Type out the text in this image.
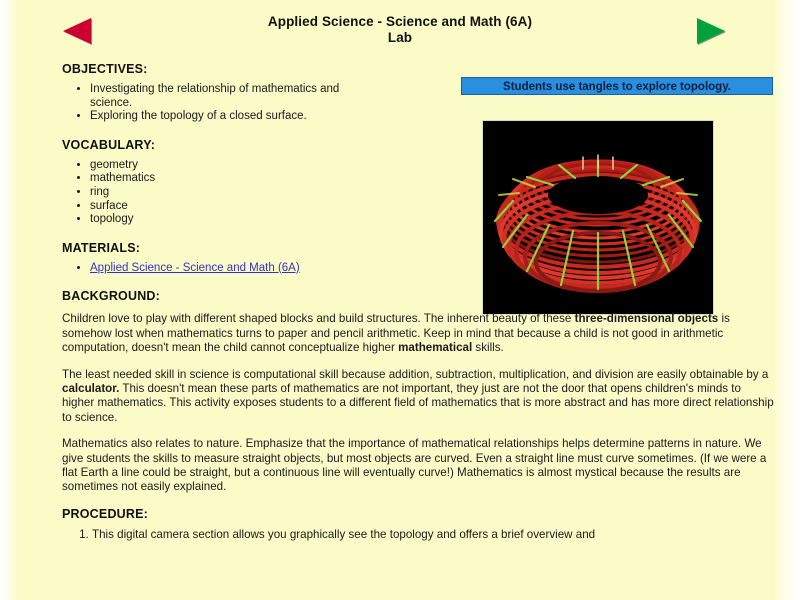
Applied Science - Science and Math (6A)
Lab
Students use tangles to explore topology.
OBJECTIVES:
• Investigating the relationship of mathematics and science.
• Exploring the topology of a closed surface.
VOCABULARY:
• geometry
• mathematics
• ring
• surface
• topology
MATERIALS:
• Applied Science - Science and Math (6A)
BACKGROUND:

Children love to play with different shaped blocks and build structures. The inherent beauty of these three-dimensional objects is somehow lost when mathematics turns to paper and pencil arithmetic. Keep in mind that because a child is not good in arithmetic computation, doesn't mean the child cannot conceptualize higher mathematical skills.

The least needed skill in science is computational skill because addition, subtraction, multiplication, and division are easily obtainable by a calculator. This doesn't mean these parts of mathematics are not important, they just are not the door that opens children's minds to higher mathematics. This activity exposes students to a different field of mathematics that is more abstract and has more direct relationship to science.

Mathematics also relates to nature. Emphasize that the importance of mathematical relationships helps determine patterns in nature. We give students the skills to measure straight objects, but most objects are curved. Even a straight line must curve sometimes. (If we were a flat Earth a line could be straight, but a continuous line will eventually curve!) Mathematics is almost mystical because the results are sometimes not easily explained.

PROCEDURE:
1. This digital camera section allows you graphically see the topology and offers a brief overview and
